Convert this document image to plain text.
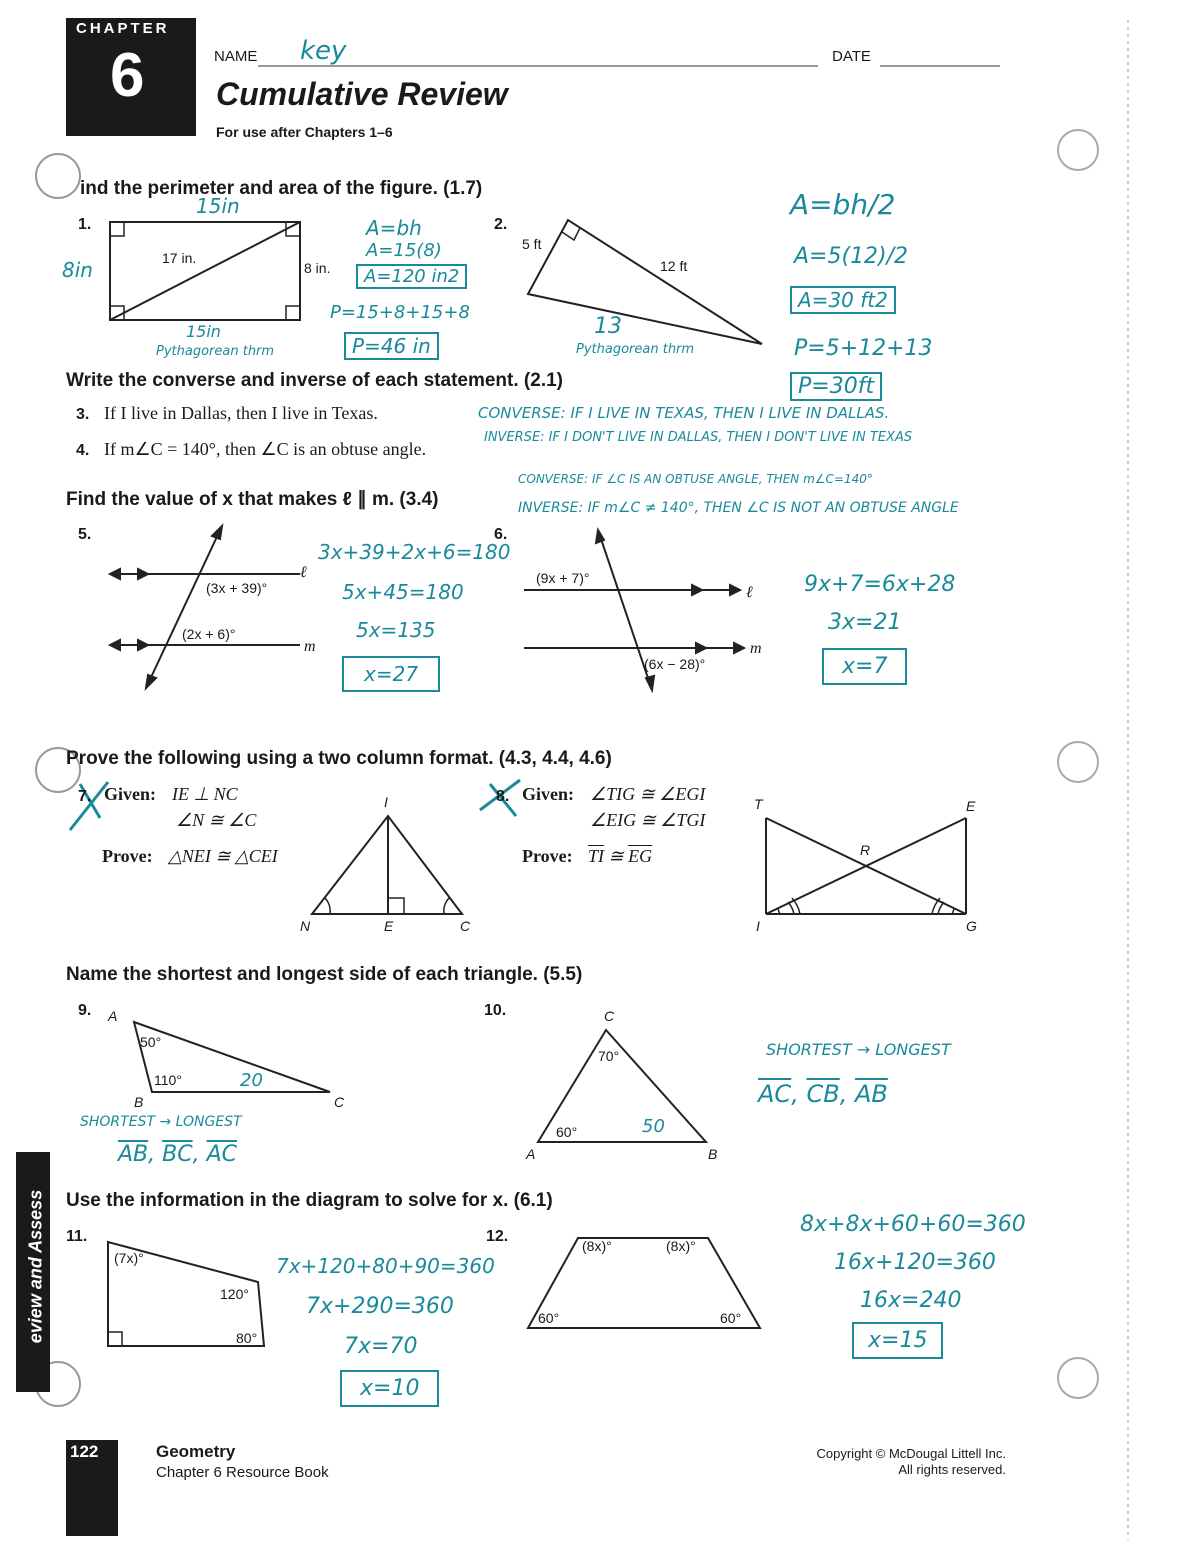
CHAPTER
6	NAME key	DATE
Cumulative Review
For use after Chapters 1–6
ind the perimeter and area of the figure. (1.7)
1.
17 in.
8 in.
15in
8in
15in
A=bh
A=15(8)
A=120 in2
P=15+8+15+8
P=46 in
Pythagorean thrm
2.
5 ft
12 ft
13
Pythagorean thrm
A=bh/2
A=5(12)/2
A=30 ft2
P=5+12+13
P=30ft
Write the converse and inverse of each statement. (2.1)
3. If I live in Dallas, then I live in Texas.
4. If m∠C = 140°, then ∠C is an obtuse angle.
CONVERSE: IF I LIVE IN TEXAS, THEN I LIVE IN DALLAS.
INVERSE: IF I DON'T LIVE IN DALLAS, THEN I DON'T LIVE IN TEXAS
CONVERSE: IF ∠C IS AN OBTUSE ANGLE, THEN m∠C=140°
INVERSE: IF m∠C ≠ 140°, THEN ∠C IS NOT AN OBTUSE ANGLE
Find the value of x that makes ℓ ∥ m. (3.4)
5.
(3x + 39)°
(2x + 6)°
ℓ
m
3x+39+2x+6=180
5x+45=180
5x=135
x=27
6.
(9x + 7)°
(6x − 28)°
ℓ
m
9x+7=6x+28
3x=21
x=7
Prove the following using a two column format. (4.3, 4.4, 4.6)
7. Given: IE ⊥ NC
∠N ≅ ∠C
Prove: △NEI ≅ △CEI
I
N	E	C
8. Given: ∠TIG ≅ ∠EGI
∠EIG ≅ ∠TGI
Prove: $\overline{TI}$ ≅ $\overline{EG}$
T	E
R
I	G
Name the shortest and longest side of each triangle. (5.5)
9. A
B	C
50°
110°	20
SHORTEST → LONGEST
$\overline{AB}$, $\overline{BC}$, $\overline{AC}$
10.	C
A	B
70°
60°	50
SHORTEST → LONGEST
$\overline{AC}$, $\overline{CB}$, $\overline{AB}$
Use the information in the diagram to solve for x. (6.1)
11.
(7x)°
120°
80°
7x+120+80+90=360
7x+290=360
7x=70
x=10
12.
(8x)°	(8x)°
60°	60°
8x+8x+60+60=360
16x+120=360
16x=240
x=15
eview and Assess
122	Geometry
Chapter 6 Resource Book
Copyright © McDougal Littell Inc.
All rights reserved.
